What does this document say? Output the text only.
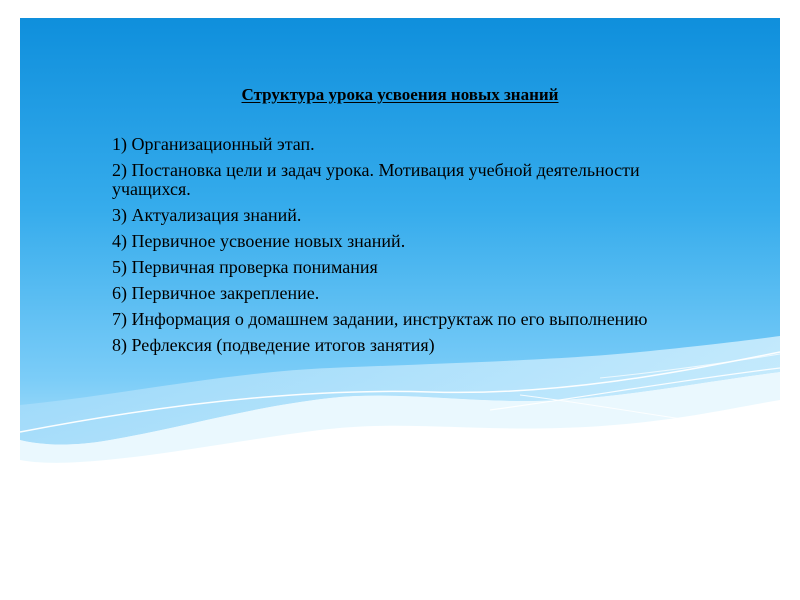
Структура урока усвоения новых знаний
1) Организационный этап.
2) Постановка цели и задач урока. Мотивация учебной деятельности учащихся.
3) Актуализация знаний.
4) Первичное усвоение новых знаний.
5) Первичная проверка понимания
6) Первичное закрепление.
7) Информация о домашнем задании, инструктаж по его выполнению
8) Рефлексия (подведение итогов занятия)
